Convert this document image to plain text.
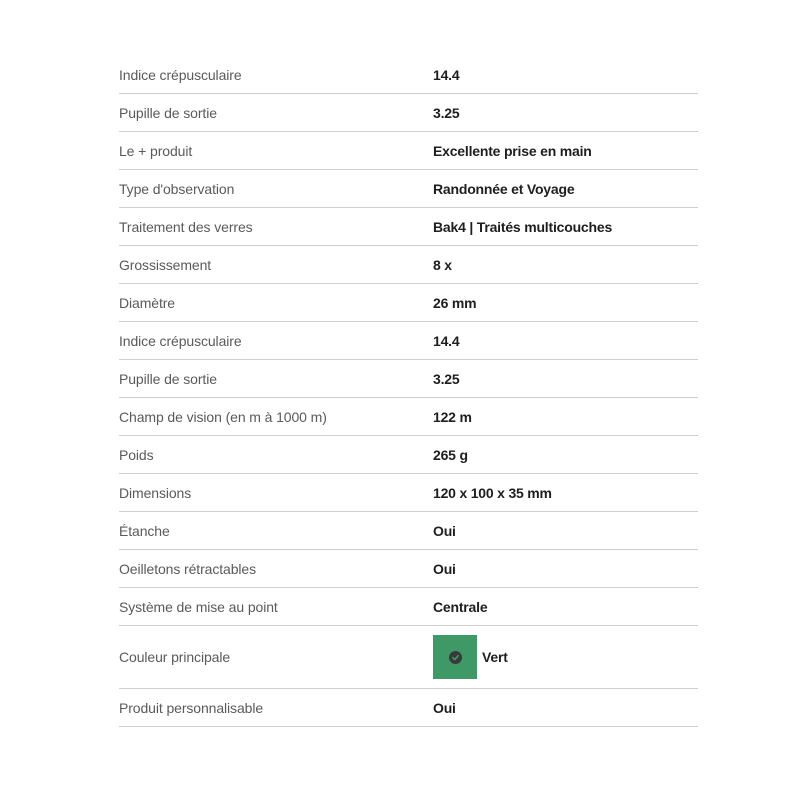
Indice crépusculaire	14.4
Pupille de sortie	3.25
Le + produit	Excellente prise en main
Type d'observation	Randonnée et Voyage
Traitement des verres	Bak4 | Traités multicouches
Grossissement	8 x
Diamètre	26 mm
Indice crépusculaire	14.4
Pupille de sortie	3.25
Champ de vision (en m à 1000 m)	122 m
Poids	265 g
Dimensions	120 x 100 x 35 mm
Étanche	Oui
Oeilletons rétractables	Oui
Système de mise au point	Centrale
Couleur principale	Vert
Produit personnalisable	Oui
